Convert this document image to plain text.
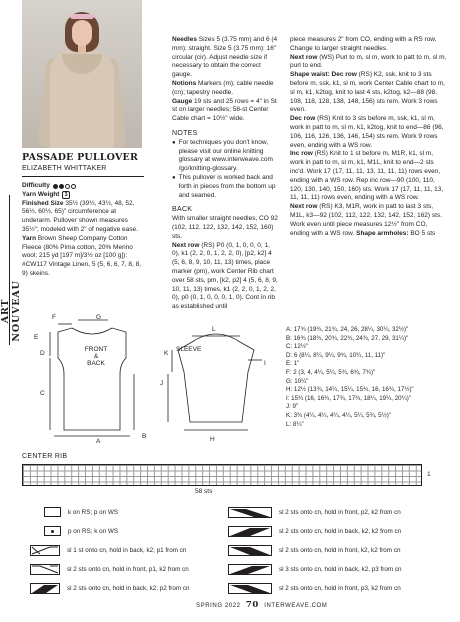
ART NOUVEAU
PASSADE PULLOVER
ELIZABETH WHITTAKER
Difficulty
Yarn Weight 3
Finished Size 35½ (39½, 43½, 48, 52, 56½, 60½, 65)" circumference at underarm. Pullover shown measures 35½"; modeled with 2" of negative ease.
Yarn Brown Sheep Company Cotton Fleece (80% Pima cotton, 20% Merino wool; 215 yd [197 m]/3½ oz [100 g]): #CW117 Vintage Linen, 5 (5, 6, 6, 7, 8, 8, 9) skeins.
Needles Sizes 5 (3.75 mm) and 6 (4 mm): straight. Size 5 (3.75 mm): 16" circular (cir). Adjust needle size if necessary to obtain the correct gauge.
Notions Markers (m); cable needle (cn); tapestry needle.
Gauge 19 sts and 25 rows = 4" in St st on larger needles; 58-st Center Cable chart = 10½" wide.
NOTES
● For techniques you don't know, please visit our online knitting glossary at www.interweave.com /go/knitting-glossary.
● This pullover is worked back and forth in pieces from the bottom up and seamed.
BACK
With smaller straight needles, CO 92 (102, 112, 122, 132, 142, 152, 160) sts.
Next row (RS) P0 (0, 1, 0, 0, 0, 1, 0), k1 (2, 2, 0, 1, 2, 2, 0), [p2, k2] 4 (5, 6, 8, 9, 10, 11, 13) times, place marker (pm), work Center Rib chart over 58 sts, pm, [k2, p2] 4 (5, 6, 8, 9, 10, 11, 13) times, k1 (2, 2, 0, 1, 2, 2, 0), p0 (0, 1, 0, 0, 0, 1, 0). Cont in rib as established until
piece measures 2" from CO, ending with a RS row. Change to larger straight needles.
Next row (WS) Purl to m, sl m, work to patt to m, sl m, purl to end.
Shape waist: Dec row (RS) K2, ssk, knit to 3 sts before m, ssk, k1, sl m, work Center Cable chart to m, sl m, k1, k2tog, knit to last 4 sts, k2tog, k2—88 (98, 108, 118, 128, 138, 148, 156) sts rem. Work 3 rows even.
Dec row (RS) Knit to 3 sts before m, ssk, k1, sl m, work in patt to m, sl m, k1, k2tog, knit to end—86 (96, 106, 116, 126, 136, 146, 154) sts rem. Work 9 rows even, ending with a WS row.
Inc row (RS) Knit to 1 st before m, M1R, k1, sl m, work in patt to m, sl m, k1, M1L, knit to end—2 sts inc'd. Work 17 (17, 11, 11, 13, 11, 11, 11) rows even, ending with a WS row. Rep inc row—90 (100, 110, 120, 130, 140, 150, 160) sts. Work 17 (17, 11, 11, 13, 11, 11, 11) rows even, ending with a WS row.
Next row (RS) K3, M1R, work in patt to last 3 sts, M1L, k3—92 (102, 112, 122, 132, 142, 152, 162) sts. Work even until piece measures 12½" from CO, ending with a WS row. Shape armholes: BO 5 sts
FRONT
&
BACK
SLEEVE
A
B
C
D
E
F	G
H
I
J
K
L	A: 17¾ (19¾, 21¾, 24, 26, 28¼, 30¼, 32½)"
B: 16¾ (18¾, 20¾, 22¾, 24¾, 27, 29, 31¼)"
C: 12½"
D: 6 (8¼, 8¼, 9¼, 9¾, 10¼, 11, 11)"
E: 1"
F: 2 (3, 4, 4¼, 5¼, 5¾, 6¾, 7¾)"
G: 10¼"
H: 12½ (13¾, 14¼, 15¼, 15¾, 16, 16¾, 17½)"
I: 15¾ (16, 16¾, 17¾, 17¾, 18¼, 19¼, 20¼)"
J: 9"
K: 3¾ (4¼, 4¼, 4¼, 4¼, 5¼, 5¾, 5½)"
L: 8¼"
CENTER RIB
1
58 sts
k on RS; p on WS
p on RS; k on WS
sl 1 st onto cn, hold in back, k2; p1 from cn
sl 2 sts onto cn, hold in front, p1, k2 from cn
sl 2 sts onto cn, hold in back, k2, p2 from cn
sl 2 sts onto cn, hold in front, p2, k2 from cn
sl 2 sts onto cn, hold in back, k2, k2 from cn
sl 2 sts onto cn, hold in front, k2, k2 from cn
sl 3 sts onto cn, hold in back, k2, p3 from cn
sl 2 sts onto cn, hold in front, p3, k2 from cn
SPRING 2022 70 INTERWEAVE.COM
